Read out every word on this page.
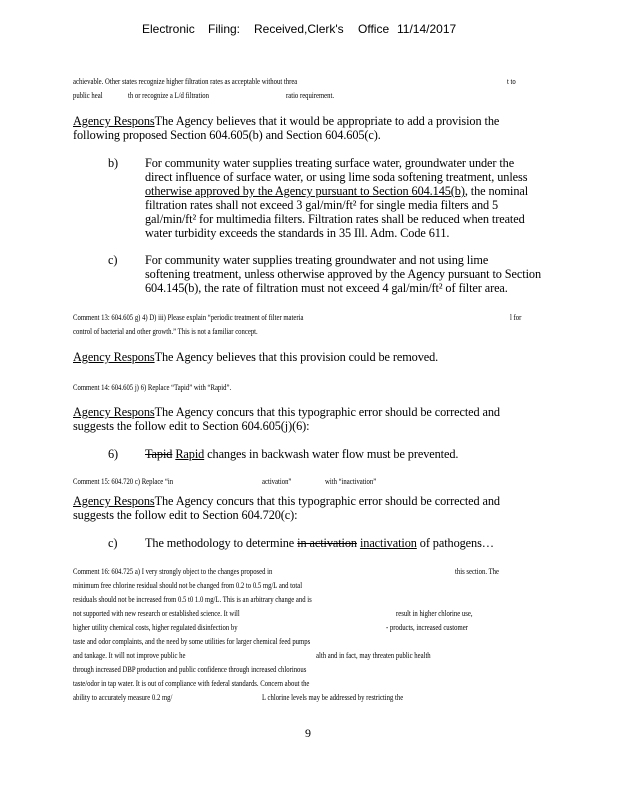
Electronic Filing: Received,Clerk's Office 11/14/2017
achievable. Other states recognize higher filtration rates as acceptable without threa	t to
public heal	th or recognize a L/d filtration	ratio requirement.
Agency ResponsThe Agency believes that it would be appropriate to add a provision the
following proposed Section 604.605(b) and Section 604.605(c).
b) For community water supplies treating surface water, groundwater under the
direct influence of surface water, or using lime soda softening treatment, unless
otherwise approved by the Agency pursuant to Section 604.145(b), the nominal
filtration rates shall not exceed 3 gal/min/ft² for single media filters and 5
gal/min/ft² for multimedia filters. Filtration rates shall be reduced when treated
water turbidity exceeds the standards in 35 Ill. Adm. Code 611.
c) For community water supplies treating groundwater and not using lime
softening treatment, unless otherwise approved by the Agency pursuant to Section
604.145(b), the rate of filtration must not exceed 4 gal/min/ft² of filter area.
Comment 13: 604.605 g) 4) D) iii) Please explain “periodic treatment of filter materia	l for
control of bacterial and other growth.” This is not a familiar concept.
Agency ResponsThe Agency believes that this provision could be removed.
Comment 14: 604.605 j) 6) Replace “Tapid” with “Rapid”.
Agency ResponsThe Agency concurs that this typographic error should be corrected and
suggests the follow edit to Section 604.605(j)(6):
6) Tapid Rapid changes in backwash water flow must be prevented.
Comment 15: 604.720 c) Replace “in	activation”	with “inactivation”
Agency ResponsThe Agency concurs that this typographic error should be corrected and
suggests the follow edit to Section 604.720(c):
c) The methodology to determine in activation inactivation of pathogens…
Comment 16: 604.725 a) I very strongly object to the changes proposed in	this section. The
minimum free chlorine residual should not be changed from 0.2 to 0.5 mg/L and total
residuals should not be increased from 0.5 t0 1.0 mg/L. This is an arbitrary change and is
not supported with new research or established science. It will	result in higher chlorine use,
higher utility chemical costs, higher regulated disinfection by	- products, increased customer
taste and odor complaints, and the need by some utilities for larger chemical feed pumps
and tankage. It will not improve public he	alth and in fact, may threaten public health
through increased DBP production and public confidence through increased chlorinous
taste/odor in tap water. It is out of compliance with federal standards. Concern about the
ability to accurately measure 0.2 mg/	L chlorine levels may be addressed by restricting the
9
